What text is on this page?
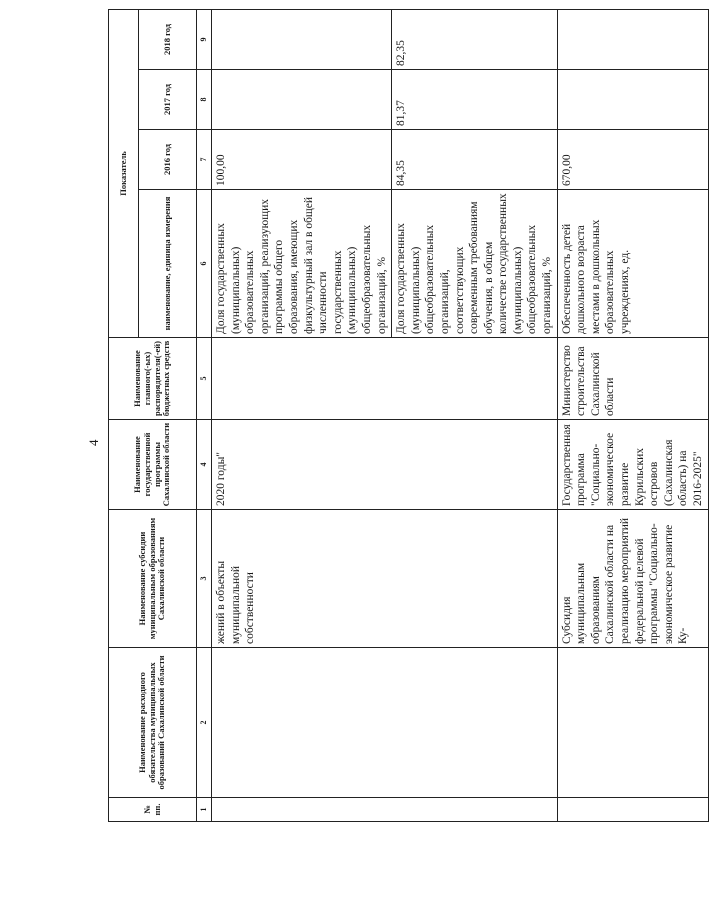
4
№ пп.	Наименование расходного обязательства муниципальных образований Сахалинской области	Наименование субсидии муниципальным образованиям Сахалинской области	Наименование государственной программы Сахалинской области	Наименование главного(-ых) распорядителя(-ей) бюджетных средств	Показатель			
					наименование, единица измерения	2016 год	2017 год	2018 год
1	2	3	4	5	6	7	8	9
		жений в объекты муниципальной собственности	2020 годы"		Доля государственных (муниципальных) образовательных организаций, реализующих программы общего образования, имеющих физкультурный зал в общей численности государственных (муниципальных) общеобразовательных организаций, %	100,00		
					Доля государственных (муниципальных) общеобразовательных организаций, соответствующих современным требованиям обучения, в общем количестве государственных (муниципальных) общеобразовательных организаций, %	84,35	81,37	82,35
		Субсидия муниципальным образованиям Сахалинской области на реализацию мероприятий федеральной целевой программы "Социально-экономическое развитие Ку-	Государственная программа "Социально-экономическое развитие Курильских островов (Сахалинская область) на 2016-2025"	Министерство строительства Сахалинской области	Обеспеченность детей дошкольного возраста местами в дошкольных образовательных учреждениях, ед.	670,00		
